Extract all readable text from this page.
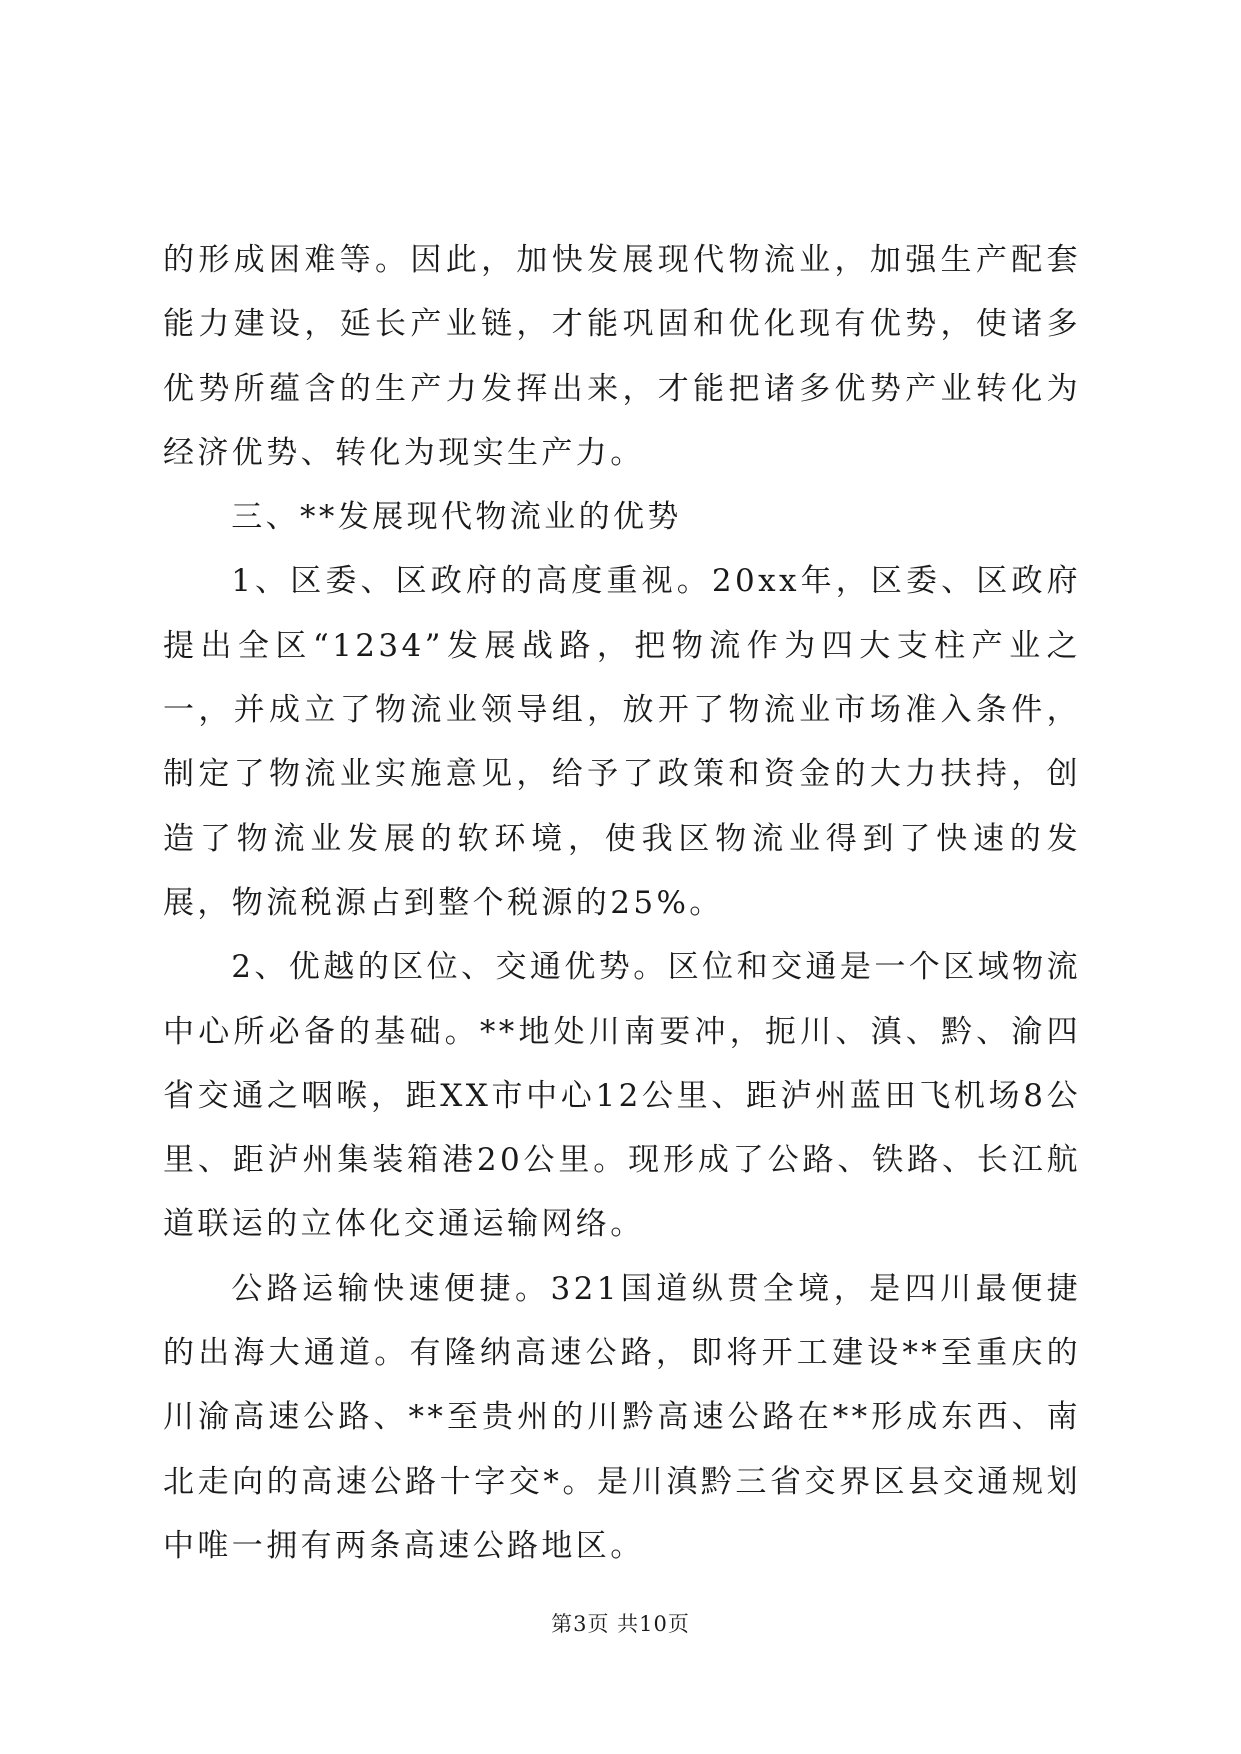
的形成困难等。因此，加快发展现代物流业，加强生产配套能力建设，延长产业链，才能巩固和优化现有优势，使诸多优势所蕴含的生产力发挥出来，才能把诸多优势产业转化为经济优势、转化为现实生产力。

三、**发展现代物流业的优势

1、区委、区政府的高度重视。20xx年，区委、区政府提出全区“1234”发展战路，把物流作为四大支柱产业之一，并成立了物流业领导组，放开了物流业市场准入条件，制定了物流业实施意见，给予了政策和资金的大力扶持，创造了物流业发展的软环境，使我区物流业得到了快速的发展，物流税源占到整个税源的25%。

2、优越的区位、交通优势。区位和交通是一个区域物流中心所必备的基础。**地处川南要冲，扼川、滇、黔、渝四省交通之咽喉，距XX市中心12公里、距泸州蓝田飞机场8公里、距泸州集装箱港20公里。现形成了公路、铁路、长江航道联运的立体化交通运输网络。

公路运输快速便捷。321国道纵贯全境，是四川最便捷的出海大通道。有隆纳高速公路，即将开工建设**至重庆的川渝高速公路、**至贵州的川黔高速公路在**形成东西、南北走向的高速公路十字交*。是川滇黔三省交界区县交通规划中唯一拥有两条高速公路地区。

第3页 共10页
